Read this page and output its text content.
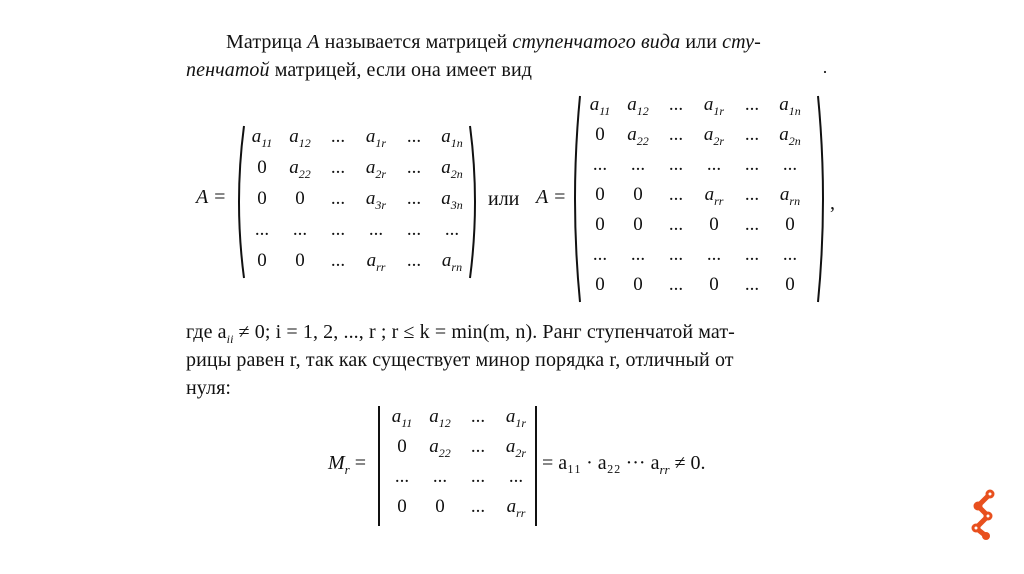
Матрица A называется матрицей ступенчатого вида или сту-
пенчатой матрицей, если она имеет вид	·
A =
$a_{11}$ $a_{12}$	...	$a_{1r}$	...	$a_{1n}$
0	$a_{22}$	...	$a_{2r}$	...	$a_{2n}$
0	0	...	$a_{3r}$	...	$a_{3n}$
...	...	...	...	...	...
0	0	...	$a_{rr}$	...	$a_{rn}$
или A =
$a_{11}$ $a_{12}$	...	$a_{1r}$	...	$a_{1n}$
0	$a_{22}$	...	$a_{2r}$	...	$a_{2n}$
...	...	...	...	...	...
0	0	...	$a_{rr}$	...	$a_{rn}$
0	0	...	0	...	0
...	...	...	...	...	...
0	0	...	0	...	0
,
где $a_{ii} \ne 0$; i = 1, 2, ..., r ; r ≤ k = min(m, n). Ранг ступенчатой мат-
рицы равен r, так как существует минор порядка r, отличный от
нуля:
$M_r$ =
$a_{11}$ $a_{12}$	...	$a_{1r}$
0	$a_{22}$	...	$a_{2r}$
...	...	...	...
0	0	...	$a_{rr}$
= a₁₁ · a₂₂ ··· $a_{rr} \ne 0$.
